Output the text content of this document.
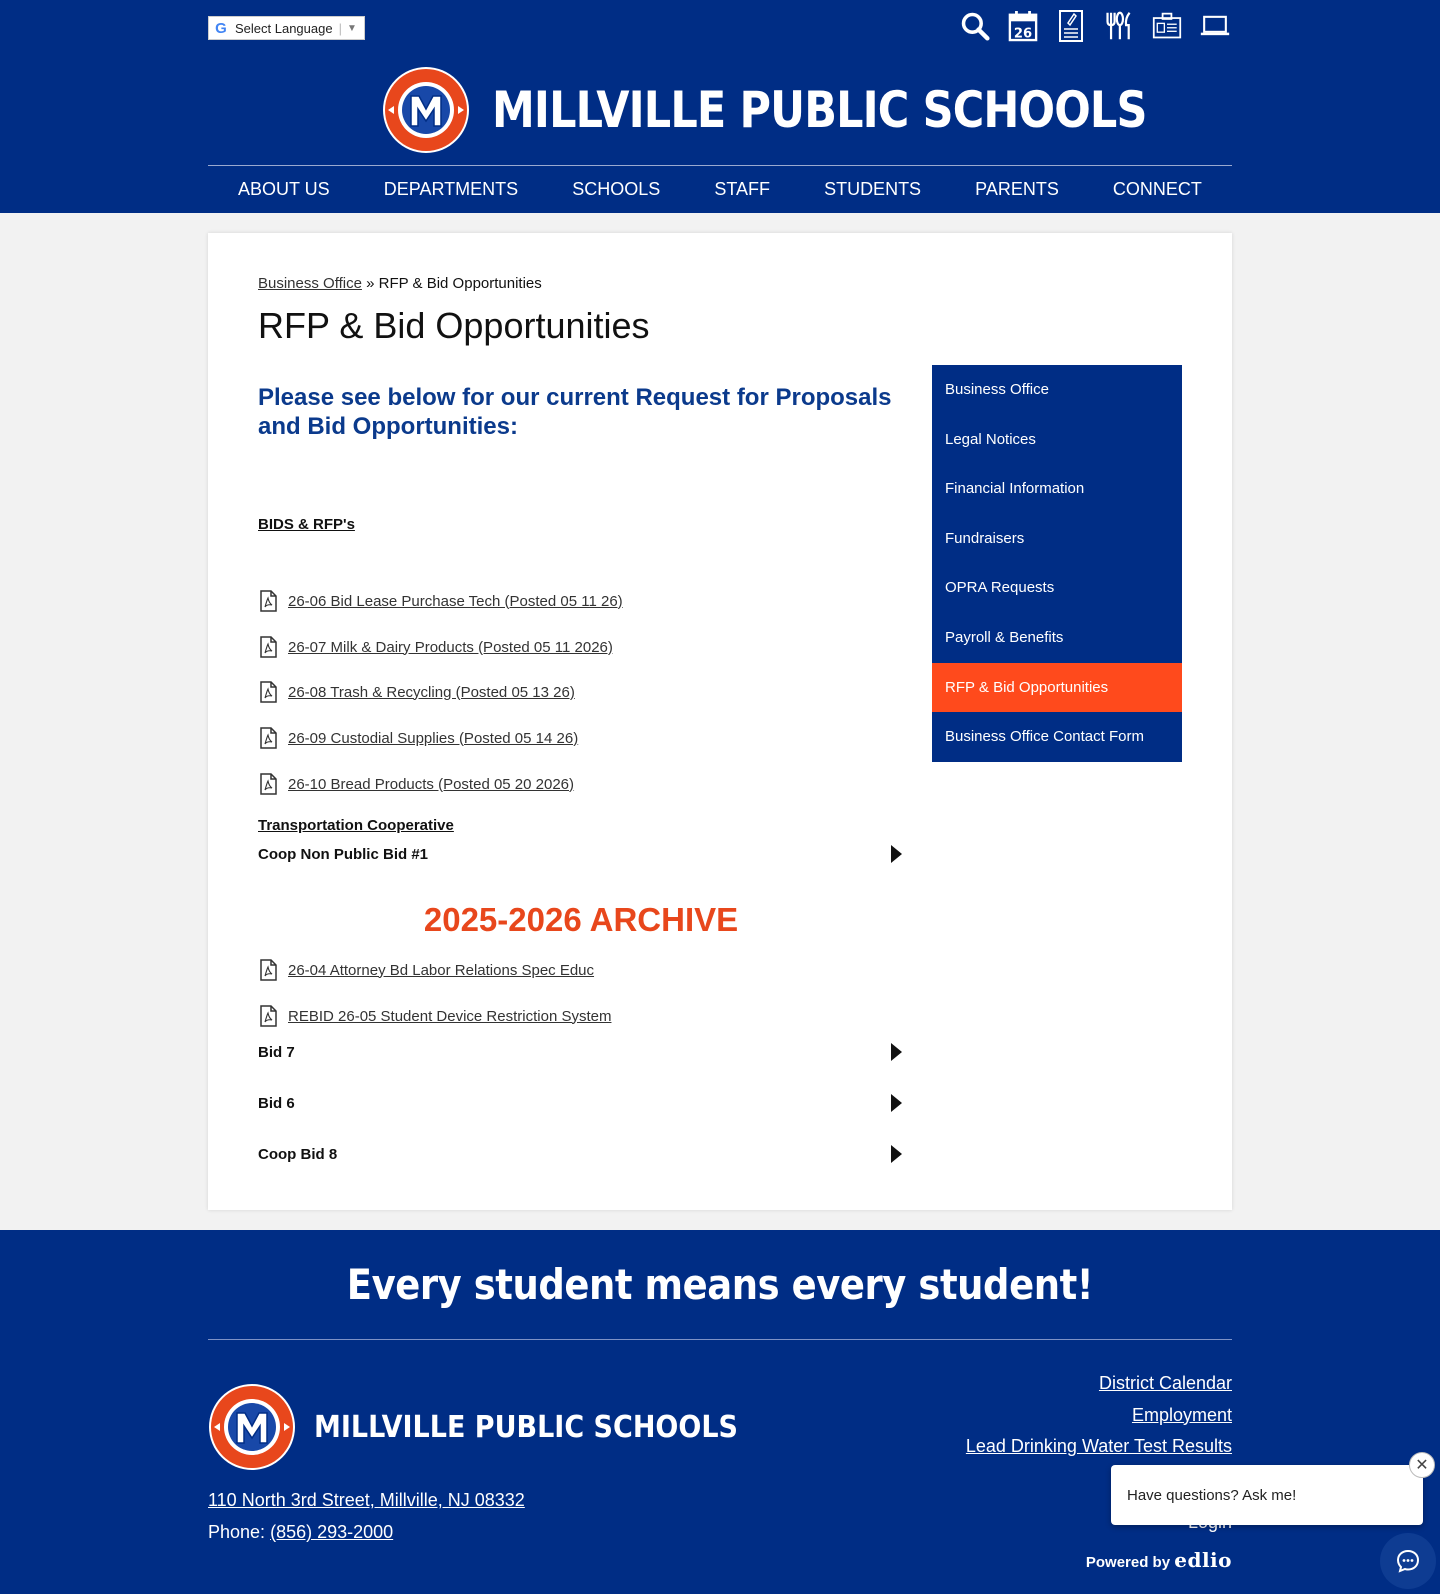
G Select Language | ▼	26
MILLVILLE PUBLIC SCHOOLS
ABOUT US	DEPARTMENTS	SCHOOLS	STAFF	STUDENTS	PARENTS	CONNECT
Business Office » RFP & Bid Opportunities
RFP & Bid Opportunities
Please see below for our current Request for Proposals and Bid Opportunities:
BIDS & RFP's
26-06 Bid Lease Purchase Tech (Posted 05 11 26)
26-07 Milk & Dairy Products (Posted 05 11 2026)
26-08 Trash & Recycling (Posted 05 13 26)
26-09 Custodial Supplies (Posted 05 14 26)
26-10 Bread Products (Posted 05 20 2026)
Transportation Cooperative
Coop Non Public Bid #1
2025-2026 ARCHIVE
26-04 Attorney Bd Labor Relations Spec Educ
REBID 26-05 Student Device Restriction System
Bid 7
Bid 6
Coop Bid 8
Business Office
Legal Notices
Financial Information
Fundraisers
OPRA Requests
Payroll & Benefits
RFP & Bid Opportunities
Business Office Contact Form
Every student means every student!
MILLVILLE PUBLIC SCHOOLS
110 North 3rd Street, Millville, NJ 08332
Phone: (856) 293-2000
District Calendar
Employment
Lead Drinking Water Test Results
Powered by edlio
Have questions? Ask me!
✕
